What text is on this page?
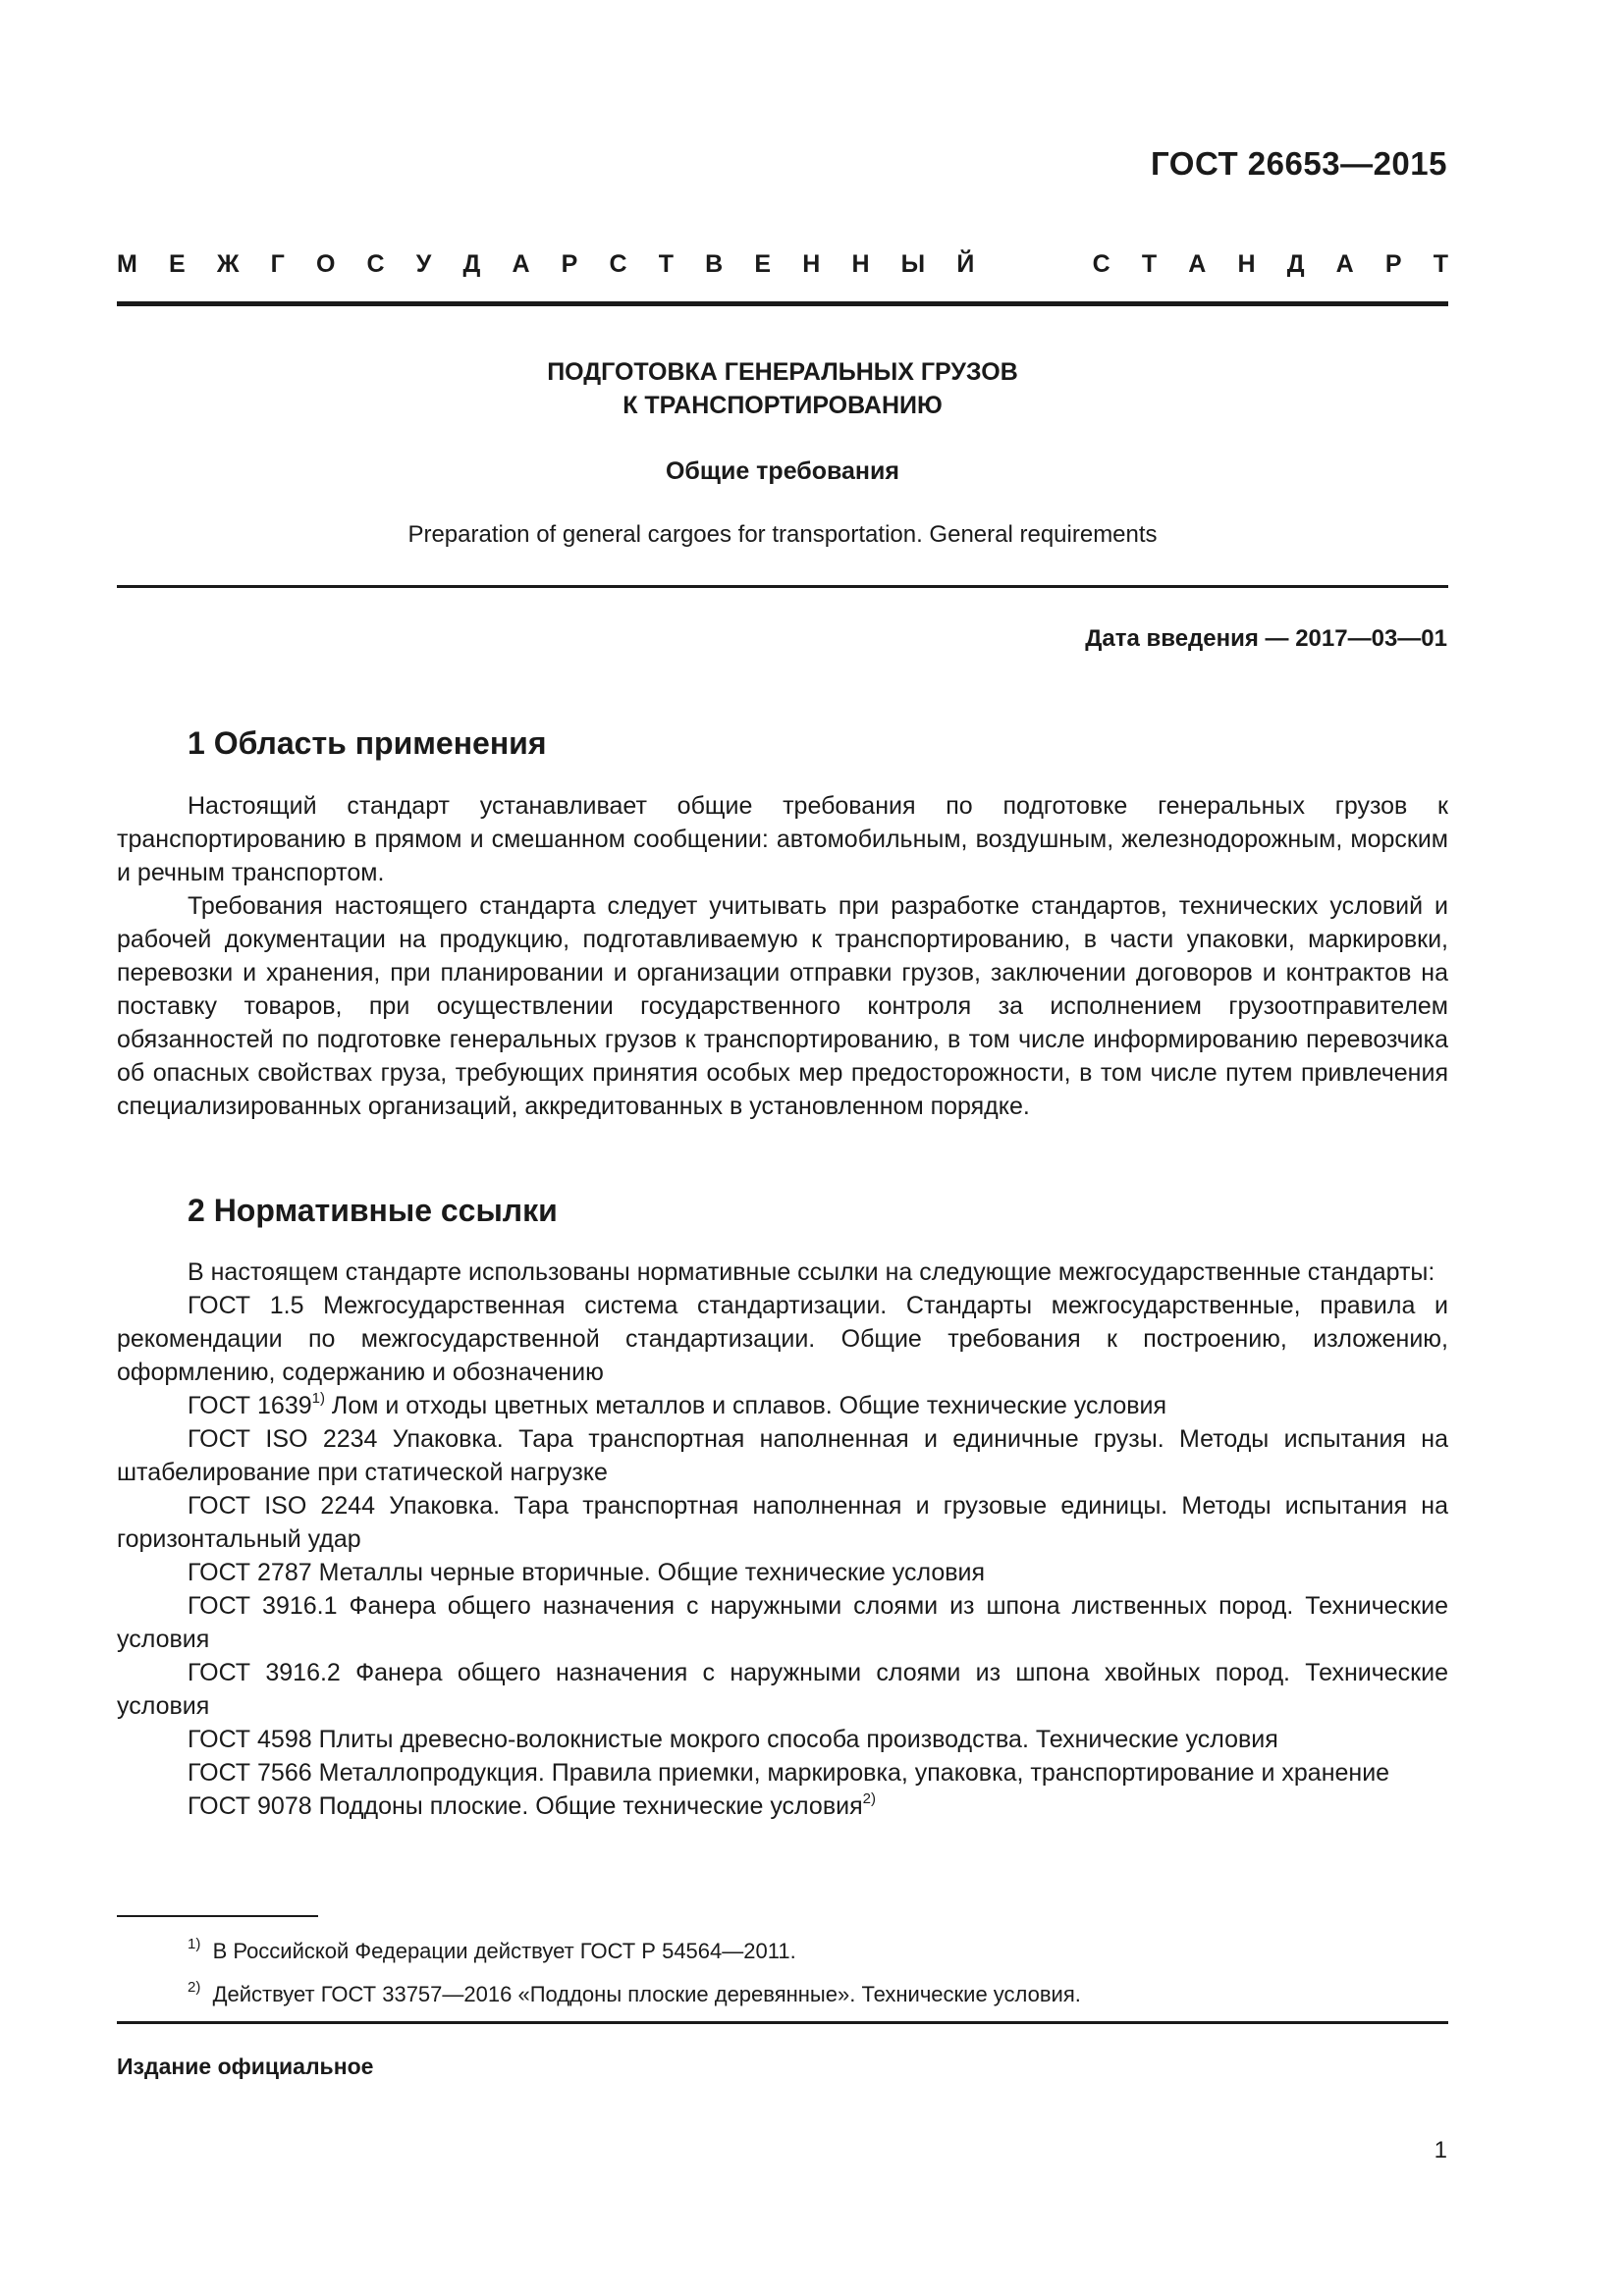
ГОСТ 26653—2015
М Е Ж Г О С У Д А Р С Т В Е Н Н Ы Й	С Т А Н Д А Р Т
ПОДГОТОВКА ГЕНЕРАЛЬНЫХ ГРУЗОВ
К ТРАНСПОРТИРОВАНИЮ
Общие требования
Preparation of general cargoes for transportation. General requirements
Дата введения — 2017—03—01
1 Область применения

Настоящий стандарт устанавливает общие требования по подготовке генеральных грузов к транспортированию в прямом и смешанном сообщении: автомобильным, воздушным, железнодорожным, морским и речным транспортом.

Требования настоящего стандарта следует учитывать при разработке стандартов, технических условий и рабочей документации на продукцию, подготавливаемую к транспортированию, в части упаковки, маркировки, перевозки и хранения, при планировании и организации отправки грузов, заключении договоров и контрактов на поставку товаров, при осуществлении государственного контроля за исполнением грузоотправителем обязанностей по подготовке генеральных грузов к транспортированию, в том числе информированию перевозчика об опасных свойствах груза, требующих принятия особых мер предосторожности, в том числе путем привлечения специализированных организаций, аккредитованных в установленном порядке.

2 Нормативные ссылки

В настоящем стандарте использованы нормативные ссылки на следующие межгосударственные стандарты:

ГОСТ 1.5 Межгосударственная система стандартизации. Стандарты межгосударственные, правила и рекомендации по межгосударственной стандартизации. Общие требования к построению, изложению, оформлению, содержанию и обозначению

ГОСТ 1639$^{1)}$ Лом и отходы цветных металлов и сплавов. Общие технические условия

ГОСТ ISO 2234 Упаковка. Тара транспортная наполненная и единичные грузы. Методы испытания на штабелирование при статической нагрузке

ГОСТ ISO 2244 Упаковка. Тара транспортная наполненная и грузовые единицы. Методы испытания на горизонтальный удар

ГОСТ 2787 Металлы черные вторичные. Общие технические условия

ГОСТ 3916.1 Фанера общего назначения с наружными слоями из шпона лиственных пород. Технические условия

ГОСТ 3916.2 Фанера общего назначения с наружными слоями из шпона хвойных пород. Технические условия

ГОСТ 4598 Плиты древесно-волокнистые мокрого способа производства. Технические условия

ГОСТ 7566 Металлопродукция. Правила приемки, маркировка, упаковка, транспортирование и хранение

ГОСТ 9078 Поддоны плоские. Общие технические условия$^{2)}$

$^{1)}$ В Российской Федерации действует ГОСТ Р 54564—2011.
$^{2)}$ Действует ГОСТ 33757—2016 «Поддоны плоские деревянные». Технические условия.
Издание официальное
1
